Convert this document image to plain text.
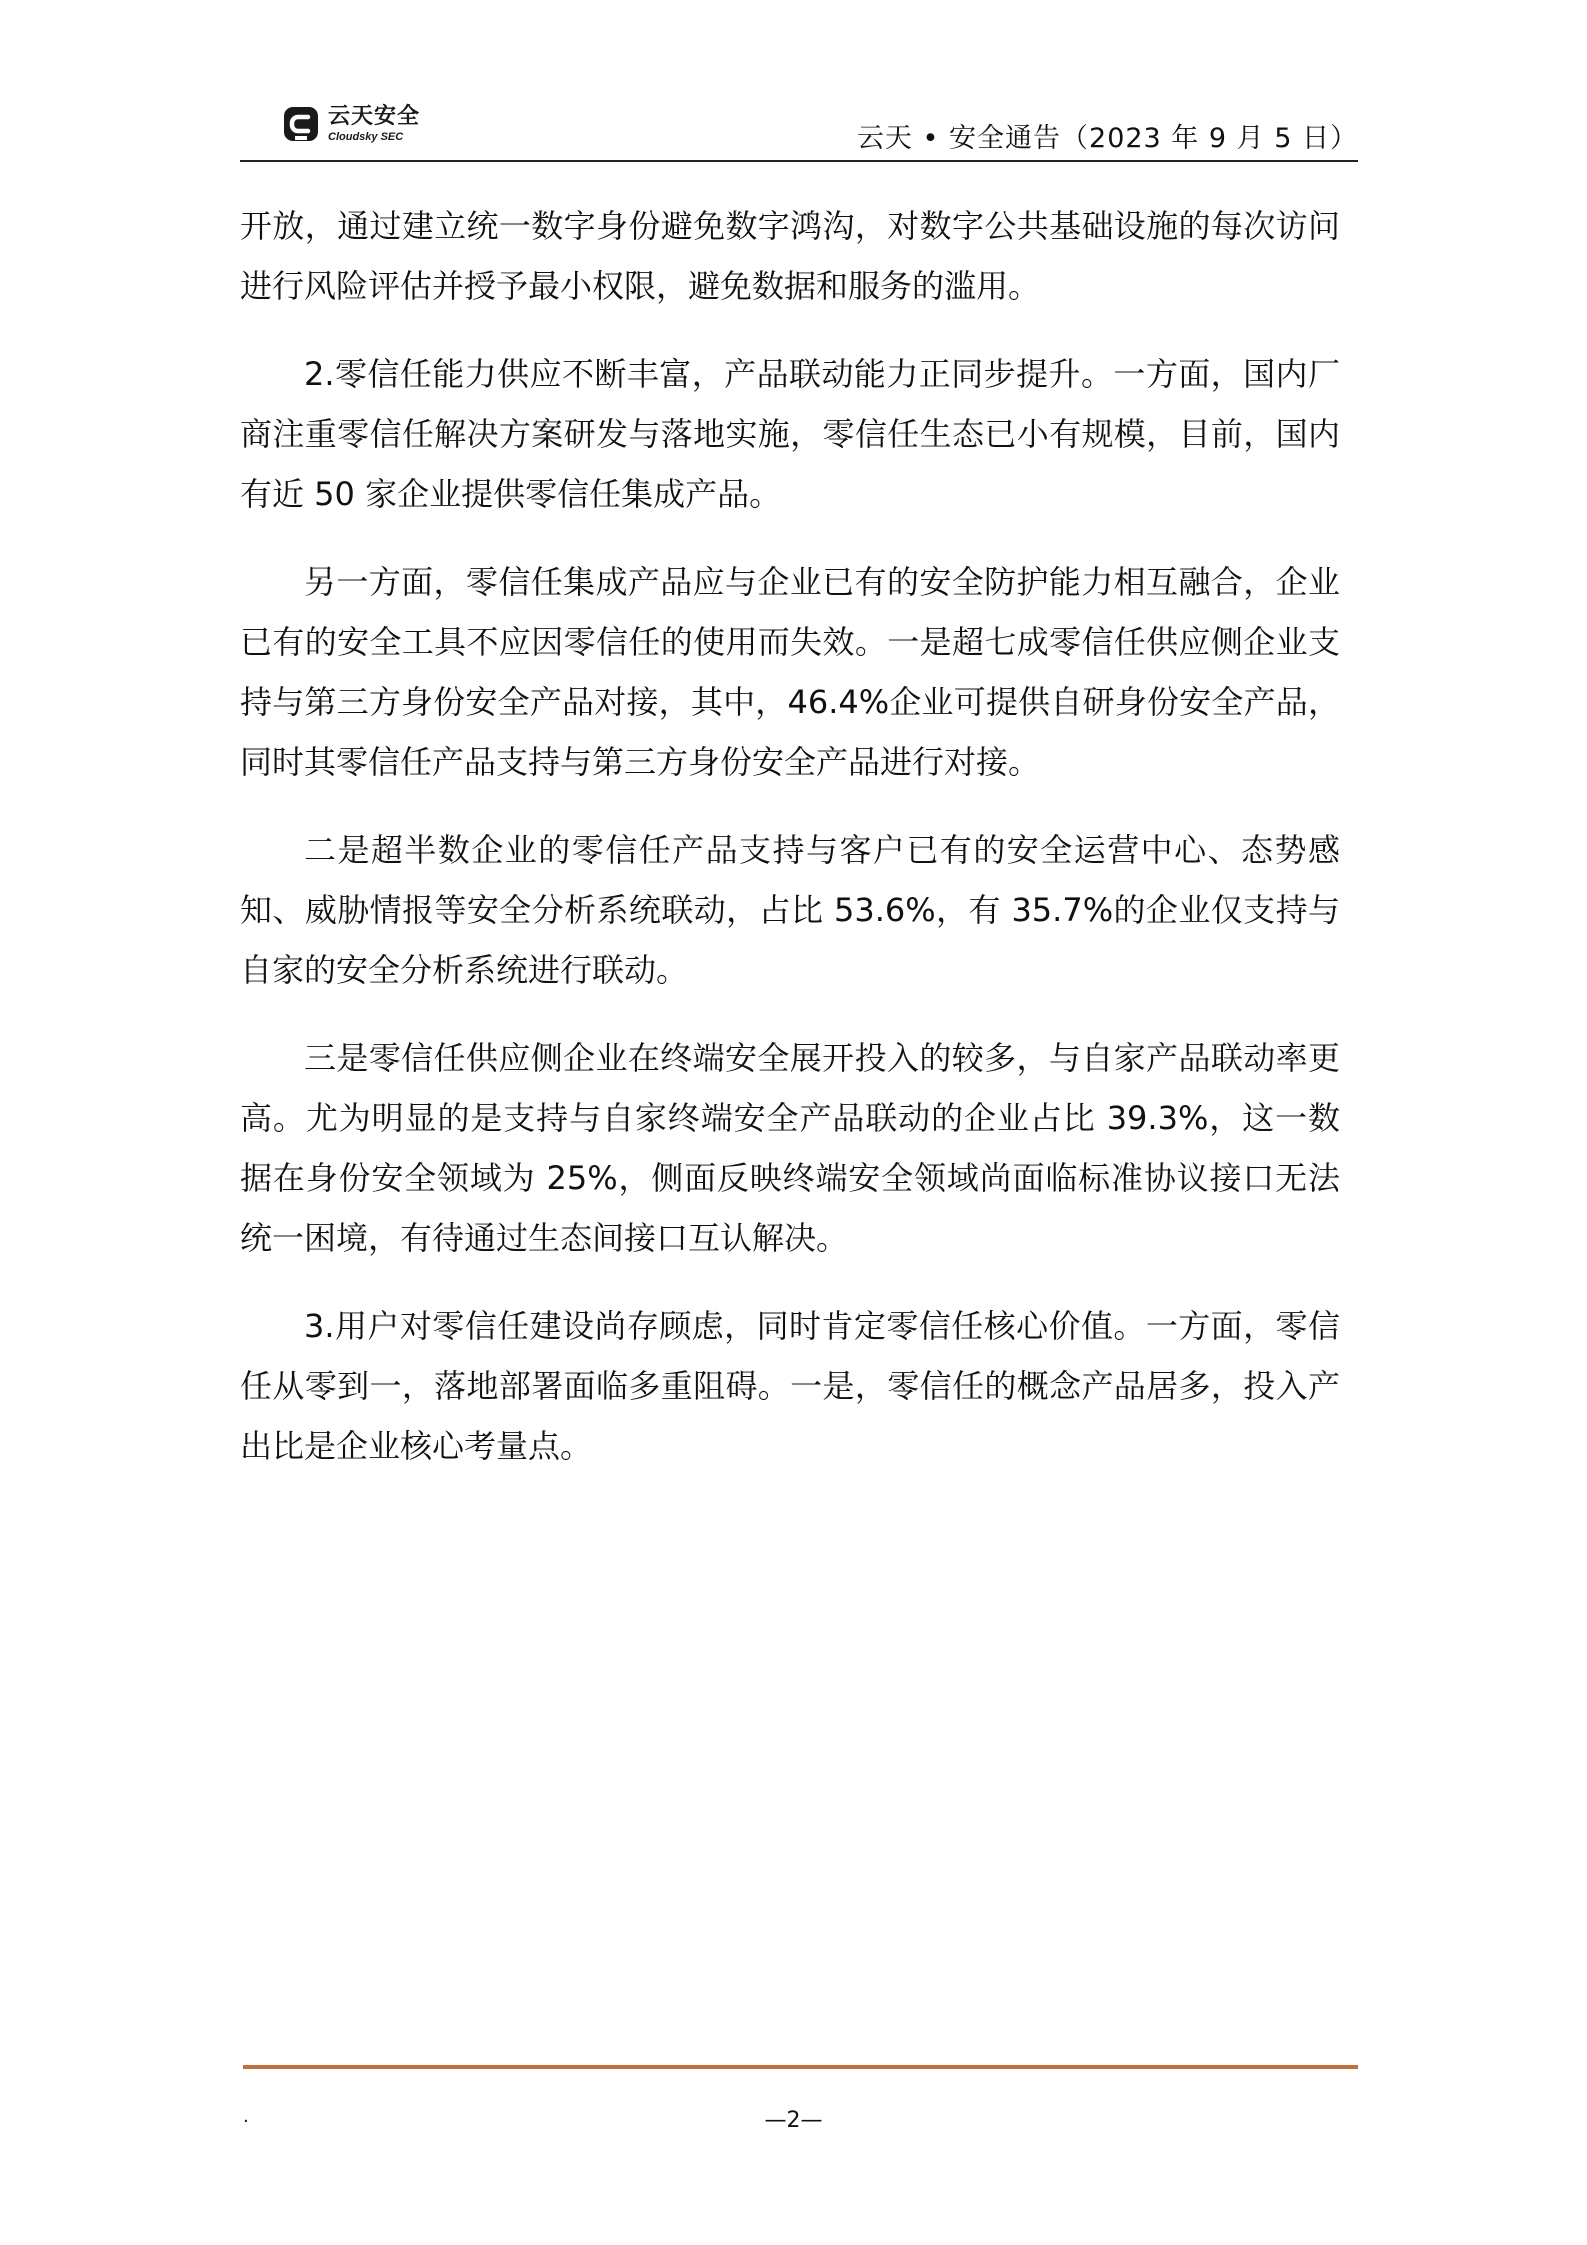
云天安全
Cloudsky SEC	云天 • 安全通告（2023 年 9 月 5 日）

开放，通过建立统一数字身份避免数字鸿沟，对数字公共基础设施的每次访问进行风险评估并授予最小权限，避免数据和服务的滥用。

2.零信任能力供应不断丰富，产品联动能力正同步提升。一方面，国内厂商注重零信任解决方案研发与落地实施，零信任生态已小有规模，目前，国内有近 50 家企业提供零信任集成产品。

另一方面，零信任集成产品应与企业已有的安全防护能力相互融合，企业已有的安全工具不应因零信任的使用而失效。一是超七成零信任供应侧企业支持与第三方身份安全产品对接，其中，46.4%企业可提供自研身份安全产品，同时其零信任产品支持与第三方身份安全产品进行对接。

二是超半数企业的零信任产品支持与客户已有的安全运营中心、态势感知、威胁情报等安全分析系统联动，占比 53.6%，有 35.7%的企业仅支持与自家的安全分析系统进行联动。

三是零信任供应侧企业在终端安全展开投入的较多，与自家产品联动率更高。尤为明显的是支持与自家终端安全产品联动的企业占比 39.3%，这一数据在身份安全领域为 25%，侧面反映终端安全领域尚面临标准协议接口无法统一困境，有待通过生态间接口互认解决。

3.用户对零信任建设尚存顾虑，同时肯定零信任核心价值。一方面，零信任从零到一，落地部署面临多重阻碍。一是，零信任的概念产品居多，投入产出比是企业核心考量点。

.	—2—
